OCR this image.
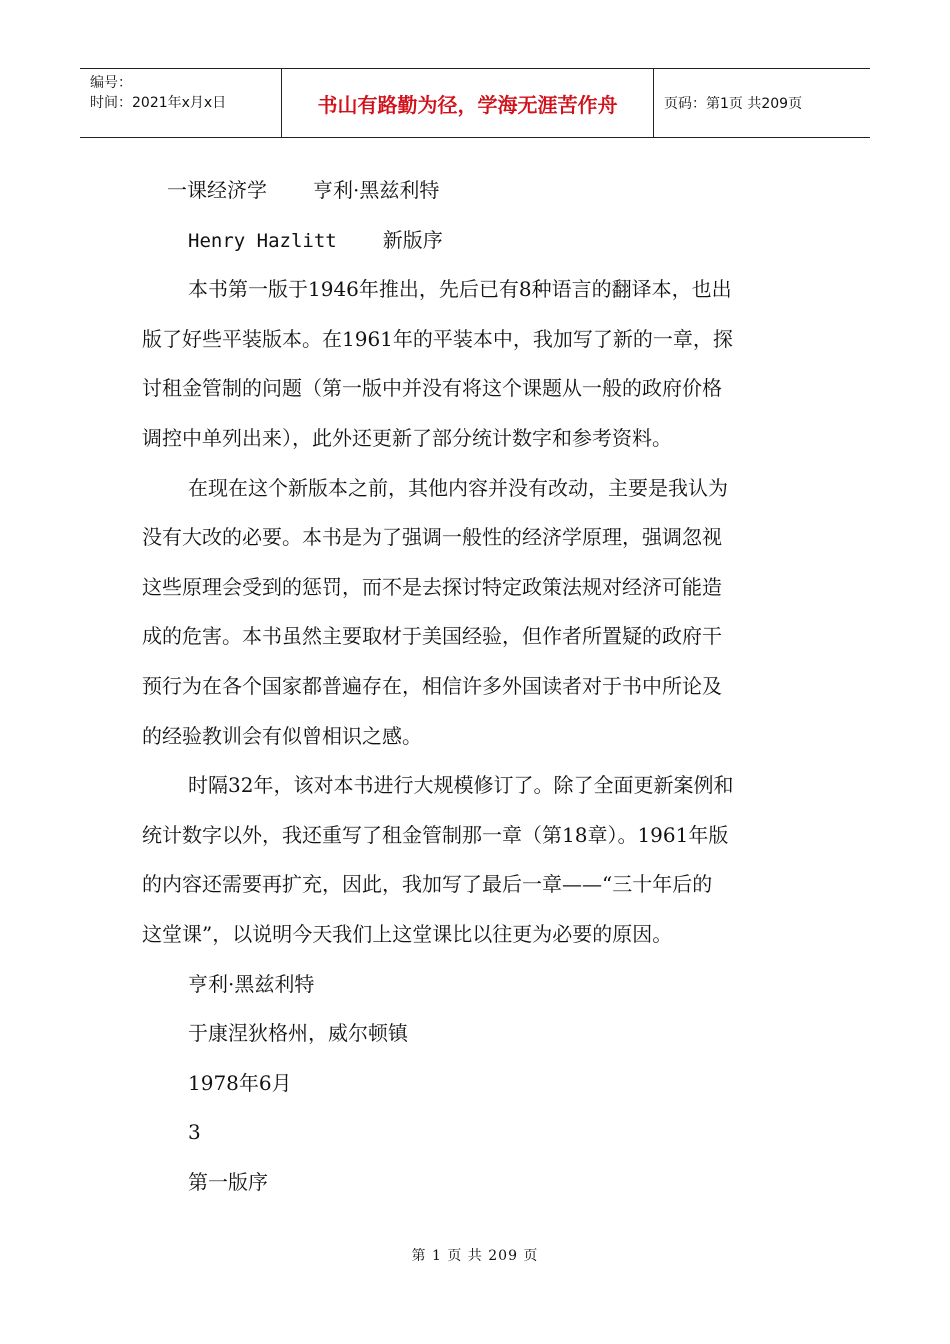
编号：
时间：2021年x月x日	书山有路勤为径，学海无涯苦作舟	页码：第1页 共209页
一课经济学 亨利·黑兹利特
Henry Hazlitt 新版序
本书第一版于1946年推出，先后已有8种语言的翻译本，也出
版了好些平装版本。在1961年的平装本中，我加写了新的一章，探
讨租金管制的问题（第一版中并没有将这个课题从一般的政府价格
调控中单列出来），此外还更新了部分统计数字和参考资料。
在现在这个新版本之前，其他内容并没有改动，主要是我认为
没有大改的必要。本书是为了强调一般性的经济学原理，强调忽视
这些原理会受到的惩罚，而不是去探讨特定政策法规对经济可能造
成的危害。本书虽然主要取材于美国经验，但作者所置疑的政府干
预行为在各个国家都普遍存在，相信许多外国读者对于书中所论及
的经验教训会有似曾相识之感。
时隔32年，该对本书进行大规模修订了。除了全面更新案例和
统计数字以外，我还重写了租金管制那一章（第18章）。1961年版
的内容还需要再扩充，因此，我加写了最后一章——“三十年后的
这堂课”，以说明今天我们上这堂课比以往更为必要的原因。
亨利·黑兹利特
于康涅狄格州，威尔顿镇
1978年6月
3
第一版序
第 1 页 共 209 页
